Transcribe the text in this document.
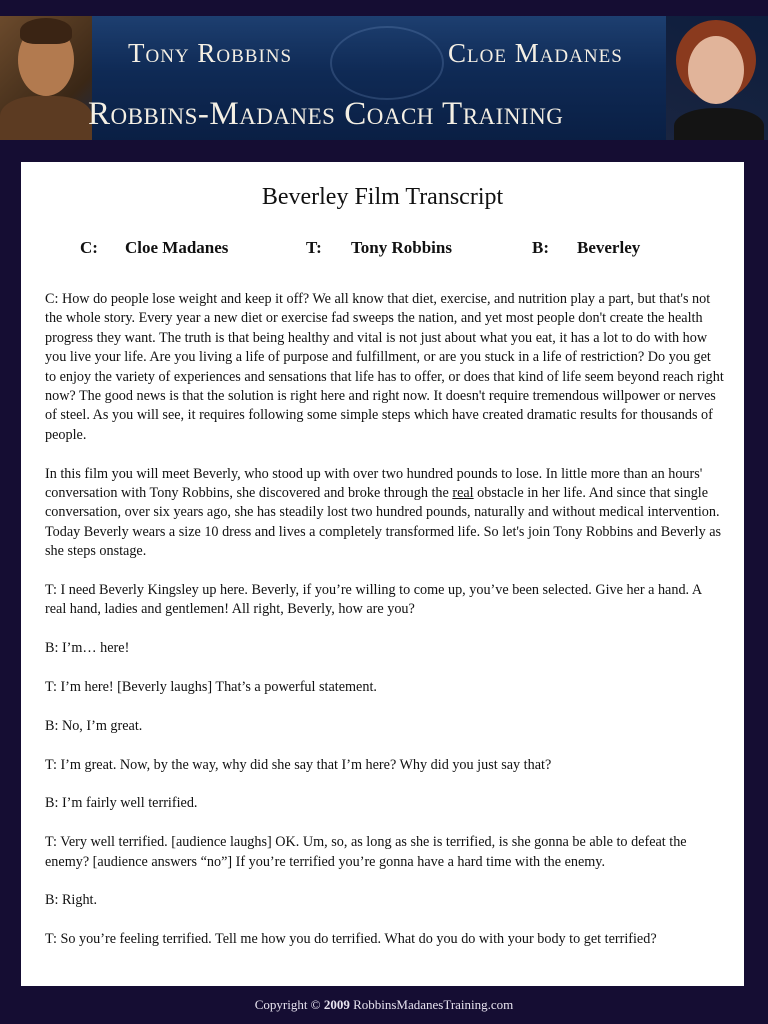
Tony Robbins	Cloe Madanes
Robbins-Madanes Coach Training
Beverley Film Transcript
C: Cloe Madanes	T: Tony Robbins	B: Beverley

C: How do people lose weight and keep it off? We all know that diet, exercise, and nutrition play a part, but that's not the whole story. Every year a new diet or exercise fad sweeps the nation, and yet most people don't create the health progress they want. The truth is that being healthy and vital is not just about what you eat, it has a lot to do with how you live your life. Are you living a life of purpose and fulfillment, or are you stuck in a life of restriction? Do you get to enjoy the variety of experiences and sensations that life has to offer, or does that kind of life seem beyond reach right now? The good news is that the solution is right here and right now. It doesn't require tremendous willpower or nerves of steel. As you will see, it requires following some simple steps which have created dramatic results for thousands of people.

In this film you will meet Beverly, who stood up with over two hundred pounds to lose. In little more than an hours' conversation with Tony Robbins, she discovered and broke through the real obstacle in her life. And since that single conversation, over six years ago, she has steadily lost two hundred pounds, naturally and without medical intervention. Today Beverly wears a size 10 dress and lives a completely transformed life. So let's join Tony Robbins and Beverly as she steps onstage.

T: I need Beverly Kingsley up here. Beverly, if you’re willing to come up, you’ve been selected. Give her a hand. A real hand, ladies and gentlemen! All right, Beverly, how are you?

B: I’m… here!

T: I’m here! [Beverly laughs] That’s a powerful statement.

B: No, I’m great.

T: I’m great. Now, by the way, why did she say that I’m here? Why did you just say that?

B: I’m fairly well terrified.

T: Very well terrified. [audience laughs] OK. Um, so, as long as she is terrified, is she gonna be able to defeat the enemy? [audience answers “no”] If you’re terrified you’re gonna have a hard time with the enemy.

B: Right.

T: So you’re feeling terrified. Tell me how you do terrified. What do you do with your body to get terrified?

Copyright © 2009 RobbinsMadanesTraining.com
